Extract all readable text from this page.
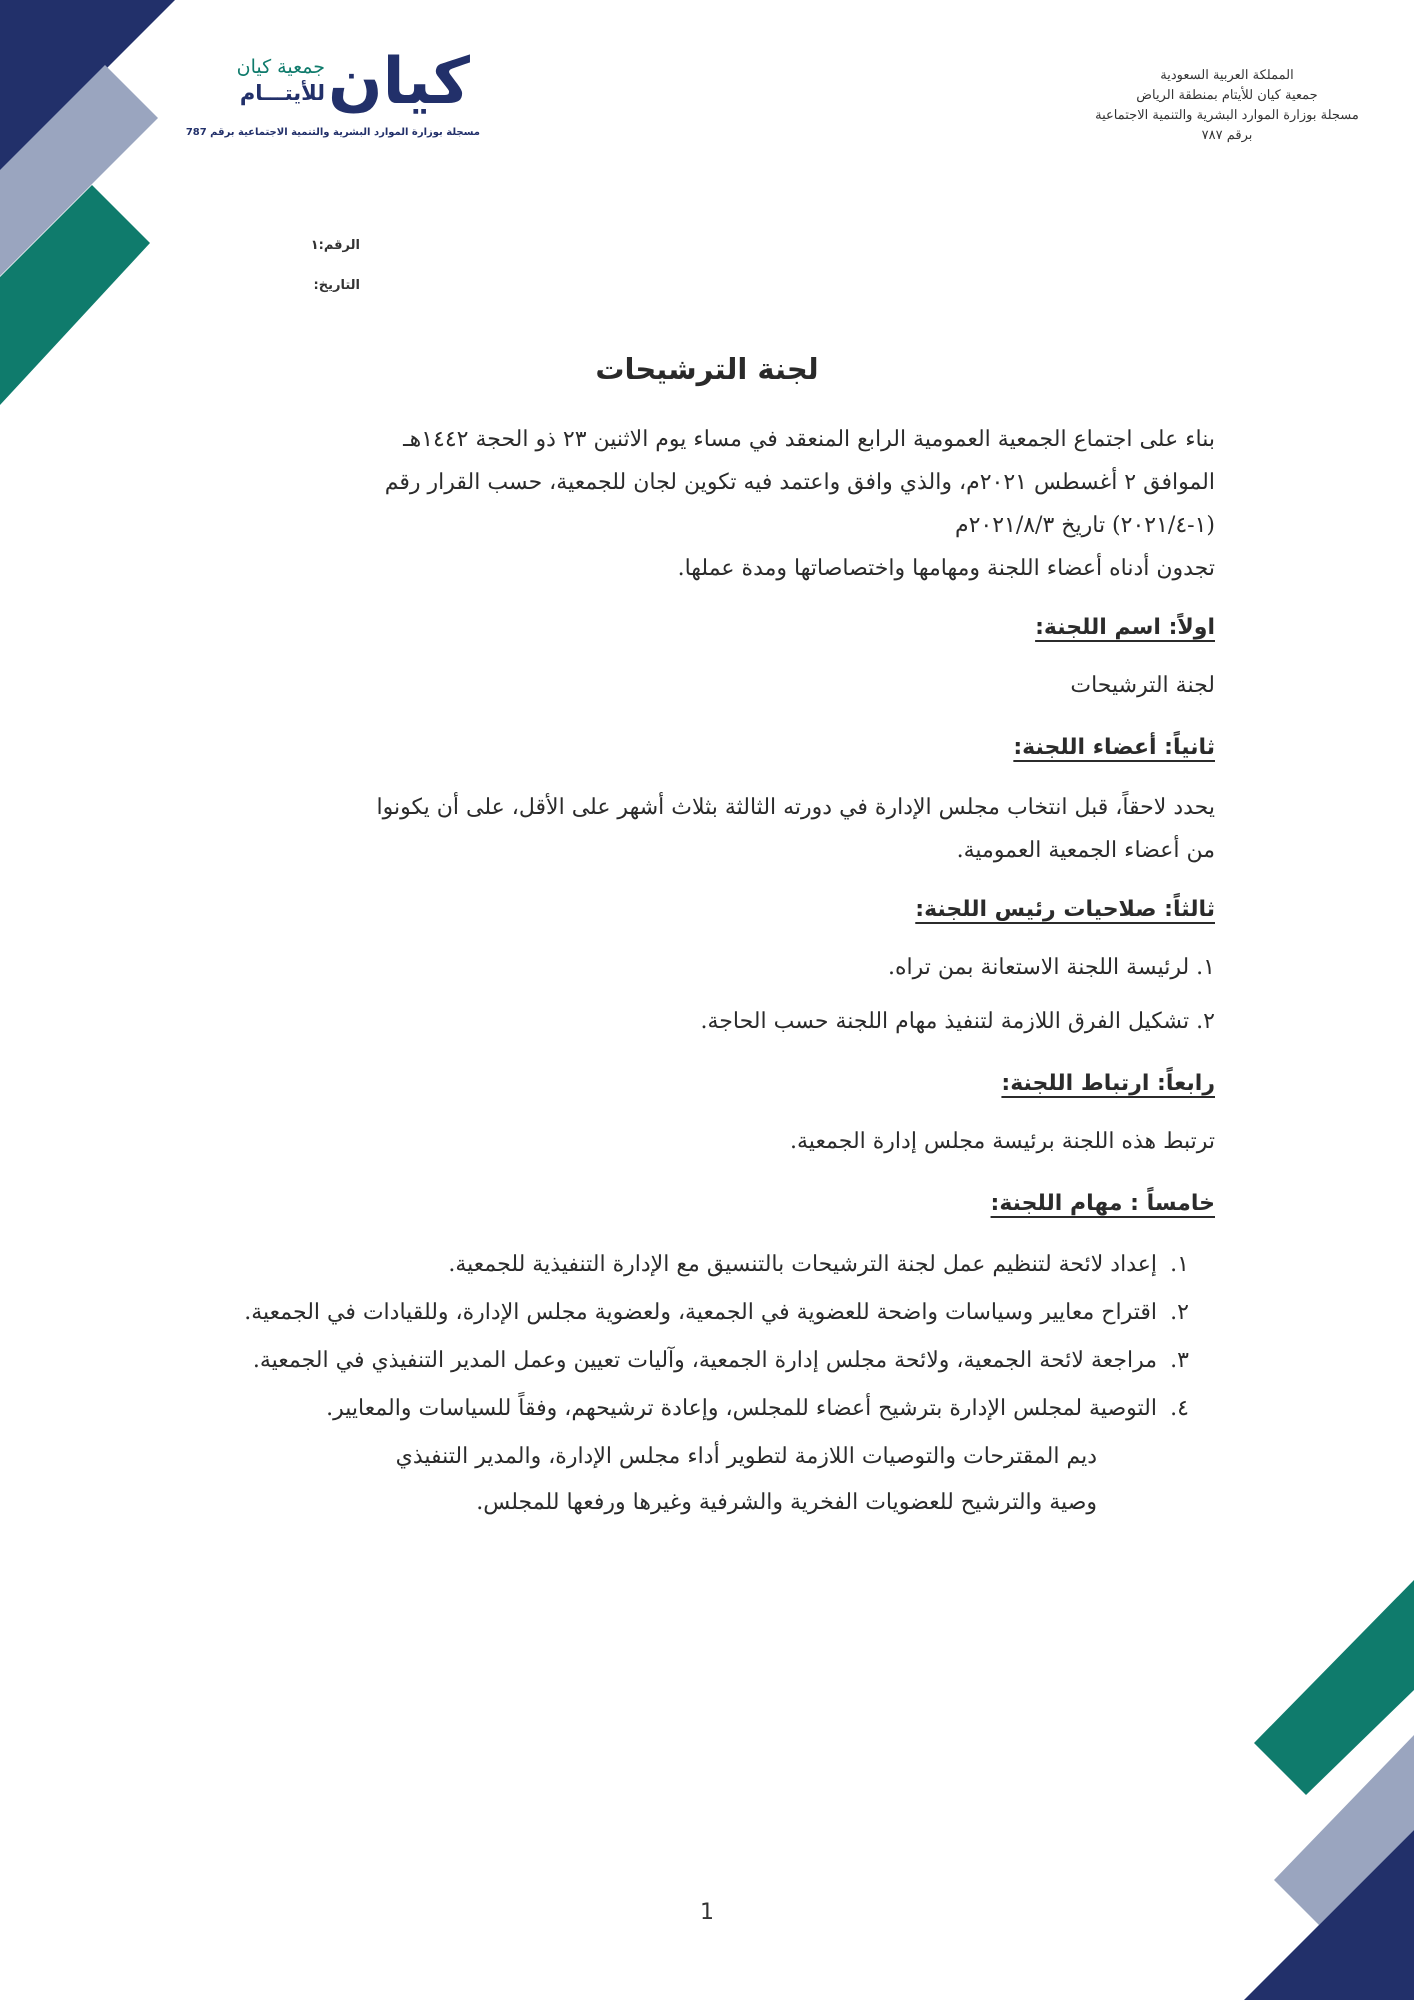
كيان
جمعية كيان
للأيتـــام
مسجلة بوزارة الموارد البشرية والتنمية الاجتماعية برقم 787
المملكة العربية السعودية
جمعية كيان للأيتام بمنطقة الرياض
مسجلة بوزارة الموارد البشرية والتنمية الاجتماعية
برقم ٧٨٧
الرقم:١
التاريخ:
لجنة الترشيحات

بناء على اجتماع الجمعية العمومية الرابع المنعقد في مساء يوم الاثنين ٢٣ ذو الحجة ١٤٤٢هـ

الموافق ٢ أغسطس ٢٠٢١م، والذي وافق واعتمد فيه تكوين لجان للجمعية، حسب القرار رقم

(١-٢٠٢١/٤) تاريخ ٢٠٢١/٨/٣م

تجدون أدناه أعضاء اللجنة ومهامها واختصاصاتها ومدة عملها.

اولاً: اسم اللجنة:

لجنة الترشيحات

ثانياً: أعضاء اللجنة:

يحدد لاحقاً، قبل انتخاب مجلس الإدارة في دورته الثالثة بثلاث أشهر على الأقل، على أن يكونوا

من أعضاء الجمعية العمومية.

ثالثاً: صلاحيات رئيس اللجنة:

١. لرئيسة اللجنة الاستعانة بمن تراه.

٢. تشكيل الفرق اللازمة لتنفيذ مهام اللجنة حسب الحاجة.

رابعاً: ارتباط اللجنة:

ترتبط هذه اللجنة برئيسة مجلس إدارة الجمعية.

خامساً : مهام اللجنة:

١.
إعداد لائحة لتنظيم عمل لجنة الترشيحات بالتنسيق مع الإدارة التنفيذية للجمعية.
٢.
اقتراح معايير وسياسات واضحة للعضوية في الجمعية، ولعضوية مجلس الإدارة، وللقيادات في الجمعية.
٣.
مراجعة لائحة الجمعية، ولائحة مجلس إدارة الجمعية، وآليات تعيين وعمل المدير التنفيذي في الجمعية.
٤.
التوصية لمجلس الإدارة بترشيح أعضاء للمجلس، وإعادة ترشيحهم، وفقاً للسياسات والمعايير.

ديم المقترحات والتوصيات اللازمة لتطوير أداء مجلس الإدارة، والمدير التنفيذي

وصية والترشيح للعضويات الفخرية والشرفية وغيرها ورفعها للمجلس.

1
